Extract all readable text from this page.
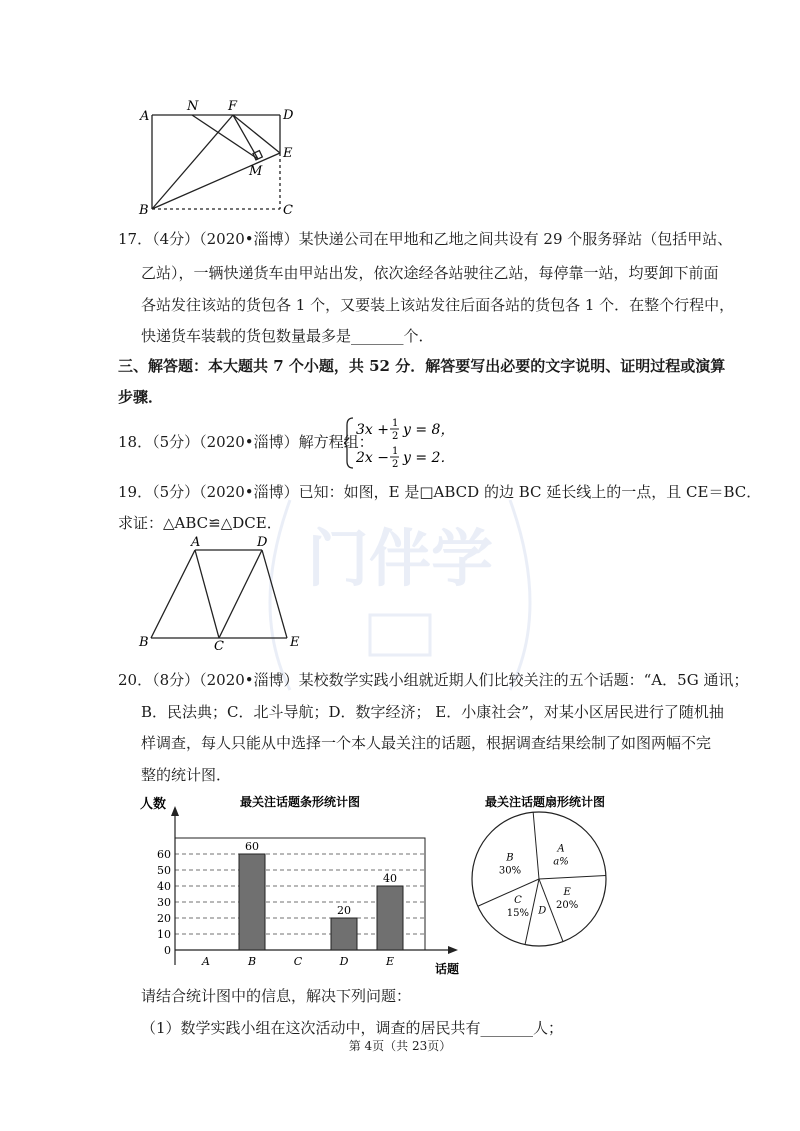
门伴学
A
N F
D
E
M
B	C
17．（4分）（2020•淄博）某快递公司在甲地和乙地之间共设有 29 个服务驿站（包括甲站、
乙站），一辆快递货车由甲站出发，依次途经各站驶往乙站，每停靠一站，均要卸下前面
各站发往该站的货包各 1 个，又要装上该站发往后面各站的货包各 1 个．在整个行程中，
快递货车装载的货包数量最多是_______个．
三、解答题：本大题共 7 个小题，共 52 分．解答要写出必要的文字说明、证明过程或演算
步骤．
18．（5分）（2020•淄博）解方程组：
3x + 1
2 y = 8，
2x − 1
2 y = 2．
19．（5分）（2020•淄博）已知：如图，E 是□ABCD 的边 BC 延长线上的一点，且 CE＝BC．
求证：△ABC≌△DCE．
A	D
B	C	E
20．（8分）（2020•淄博）某校数学实践小组就近期人们比较关注的五个话题：“A．5G 通讯；
B．民法典；C．北斗导航；D．数字经济； E．小康社会”，对某小区居民进行了随机抽
样调查，每人只能从中选择一个本人最关注的话题，根据调查结果绘制了如图两幅不完
整的统计图．
最关注话题条形统计图
人数
话题
0
10
20
30
40
50
60
A
60
B	C
20
D
40
E
最关注话题扇形统计图
A
a%
E
20%
D
C
15%
B
30%
请结合统计图中的信息，解决下列问题：
（1）数学实践小组在这次活动中，调查的居民共有_______人；
第 4页（共 23页）
